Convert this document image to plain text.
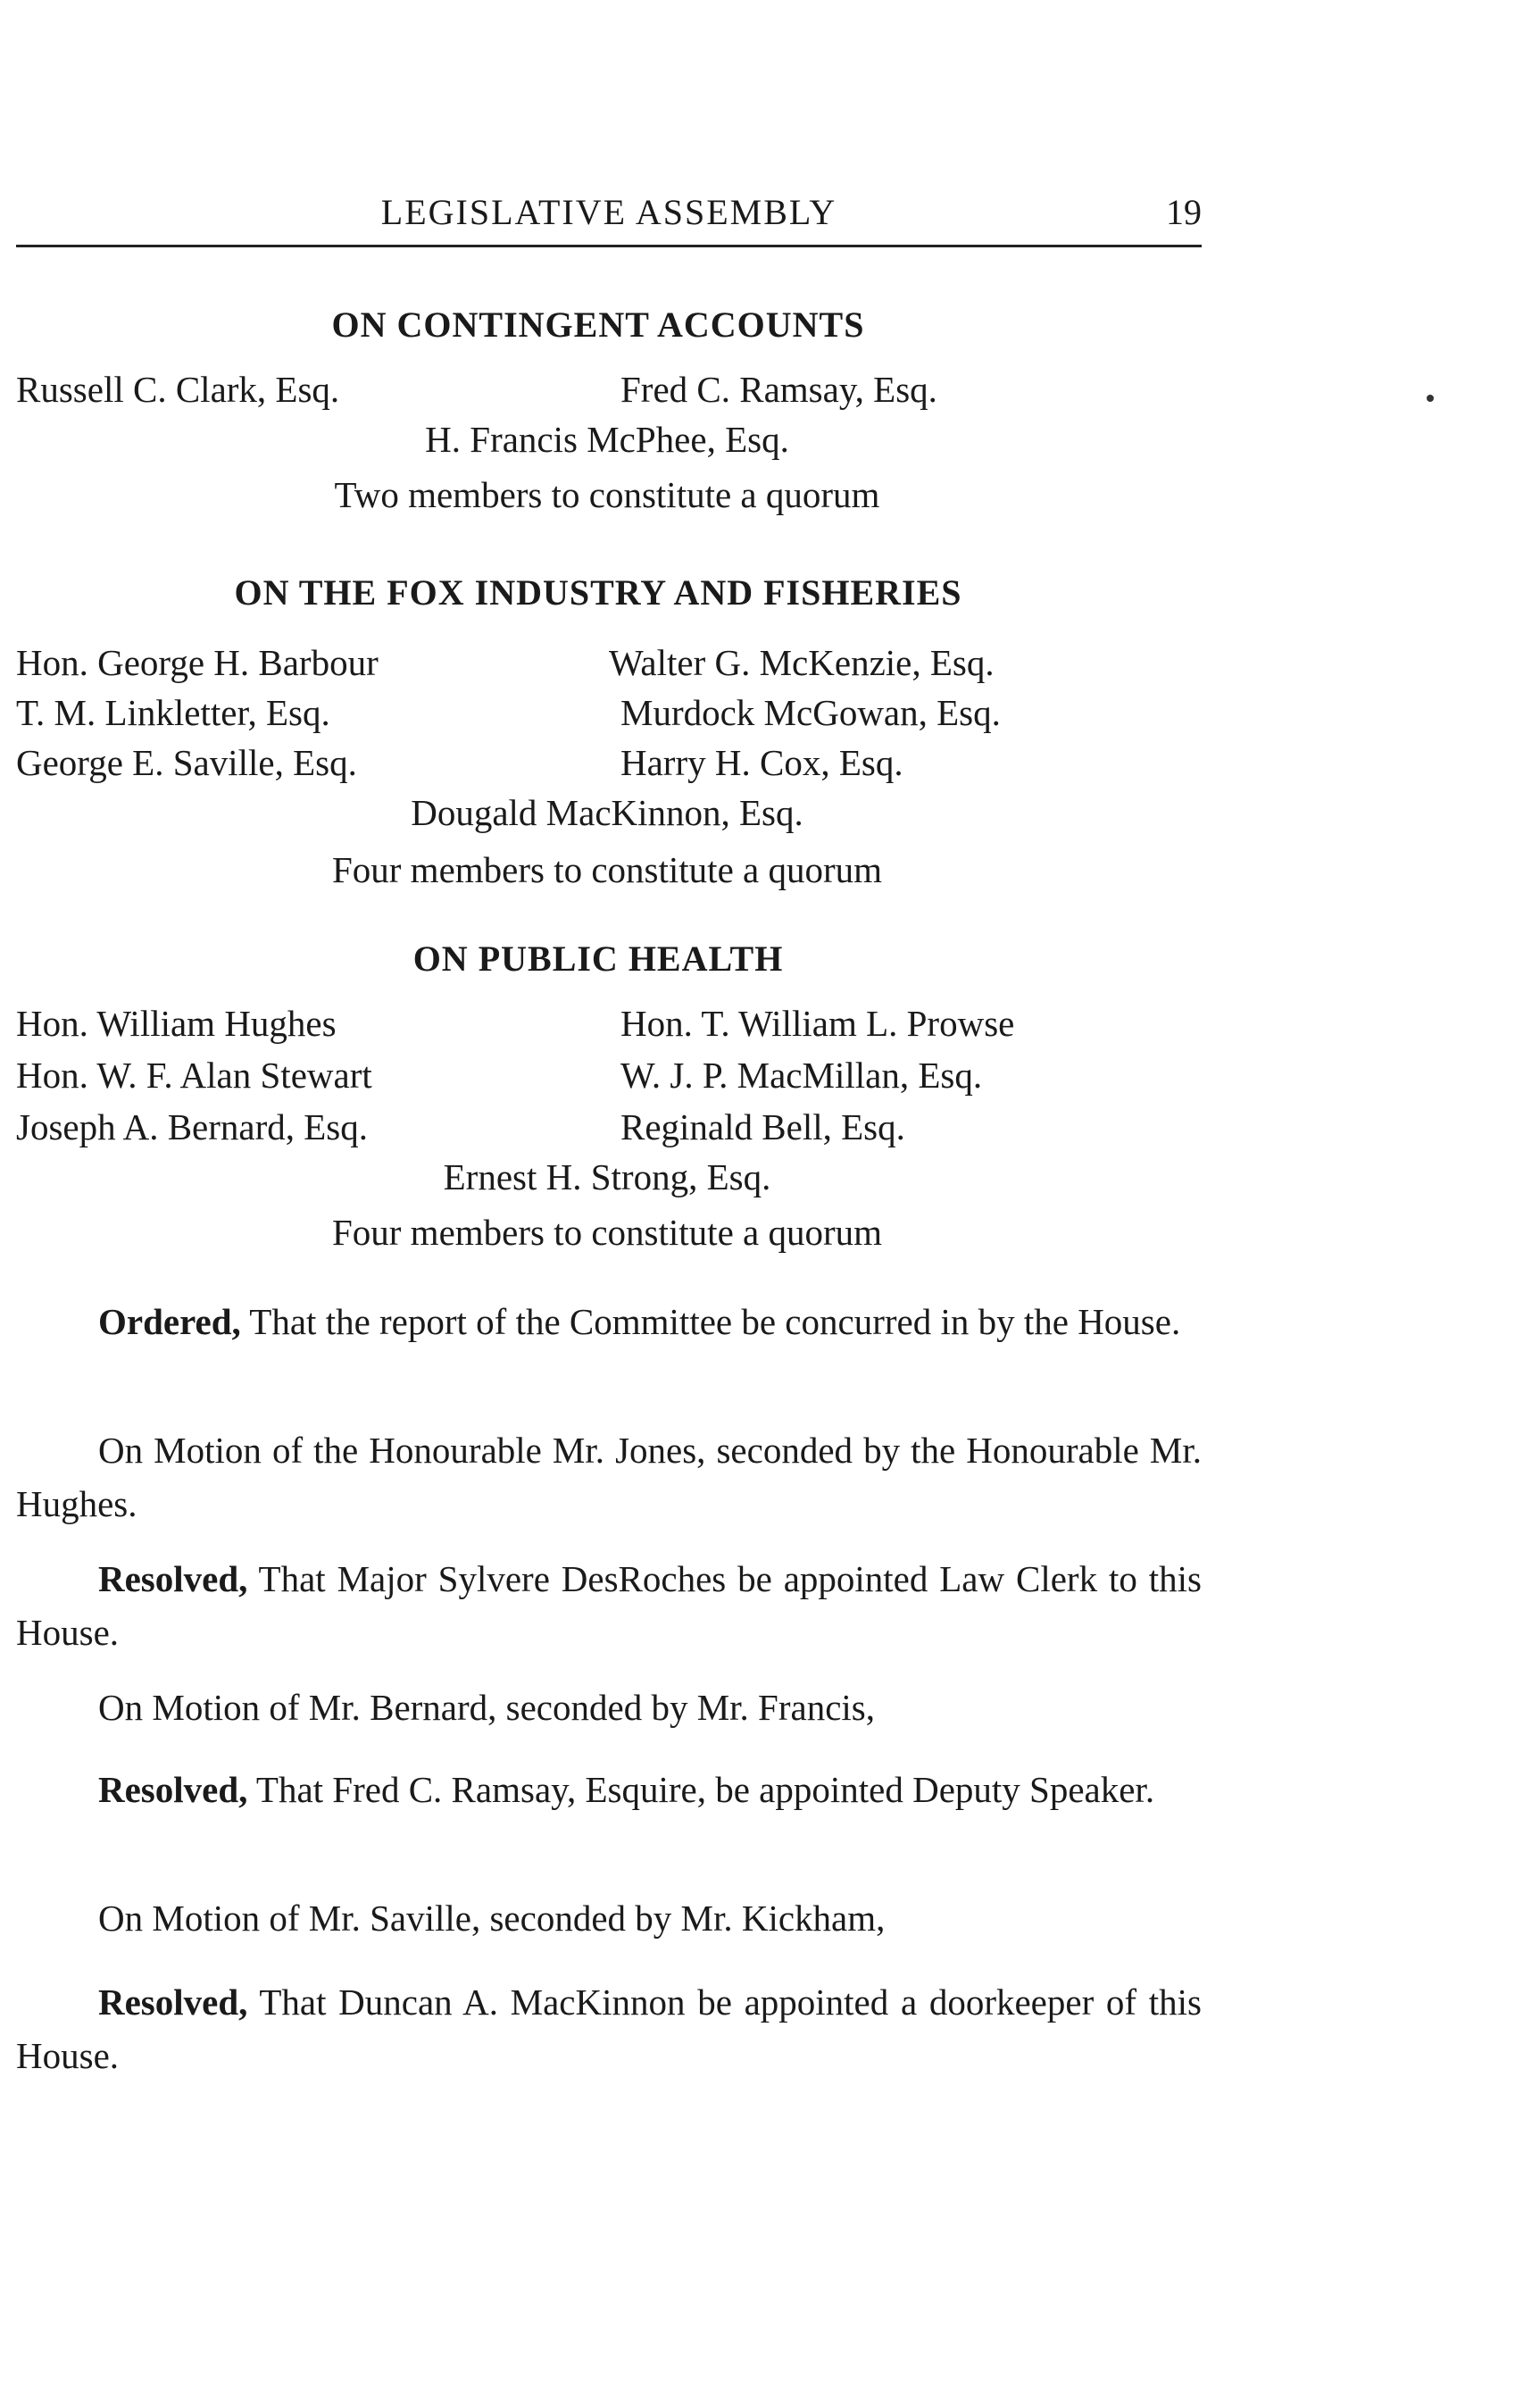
LEGISLATIVE ASSEMBLY	19
ON CONTINGENT ACCOUNTS
Russell C. Clark, Esq.	Fred C. Ramsay, Esq.
H. Francis McPhee, Esq.
Two members to constitute a quorum
ON THE FOX INDUSTRY AND FISHERIES
Hon. George H. Barbour	Walter G. McKenzie, Esq.
T. M. Linkletter, Esq.	Murdock McGowan, Esq.
George E. Saville, Esq.	Harry H. Cox, Esq.
Dougald MacKinnon, Esq.
Four members to constitute a quorum
ON PUBLIC HEALTH
Hon. William Hughes	Hon. T. William L. Prowse
Hon. W. F. Alan Stewart	W. J. P. MacMillan, Esq.
Joseph A. Bernard, Esq.	Reginald Bell, Esq.
Ernest H. Strong, Esq.
Four members to constitute a quorum
Ordered, That the report of the Committee be concurred in by the House.
On Motion of the Honourable Mr. Jones, seconded by the Honourable Mr. Hughes.
Resolved, That Major Sylvere DesRoches be appointed Law Clerk to this House.
On Motion of Mr. Bernard, seconded by Mr. Francis,
Resolved, That Fred C. Ramsay, Esquire, be appointed Deputy Speaker.
On Motion of Mr. Saville, seconded by Mr. Kickham,
Resolved, That Duncan A. MacKinnon be appointed a doorkeeper of this House.
